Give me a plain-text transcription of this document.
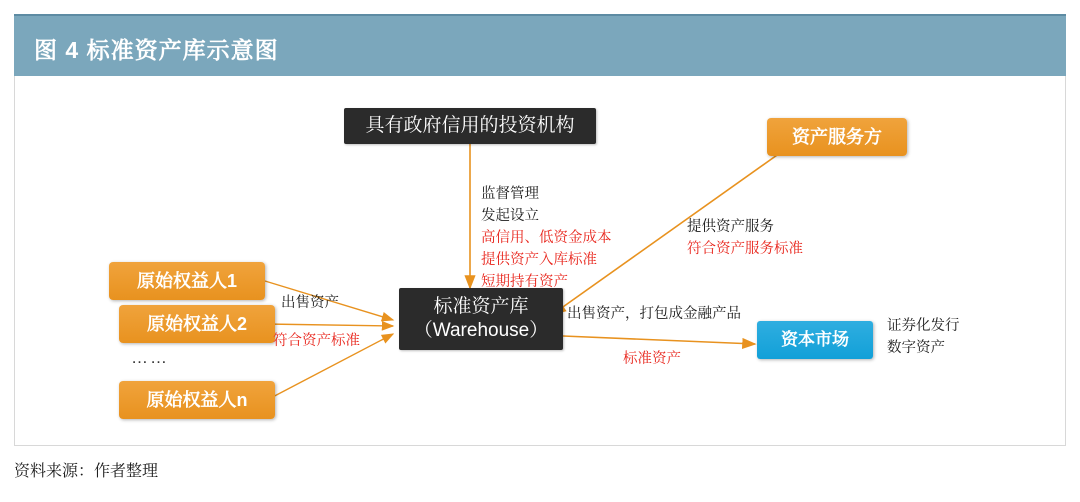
图 4 标准资产库示意图
具有政府信用的投资机构
资产服务方
标准资产库
（Warehouse）	资本市场
原始权益人1
原始权益人2
……
原始权益人n
监督管理
发起设立
高信用、低资金成本
提供资产入库标准
短期持有资产
提供资产服务
符合资产服务标准
出售资产
符合资产标准
出售资产，打包成金融产品
标准资产
证券化发行
数字资产
资料来源：作者整理
